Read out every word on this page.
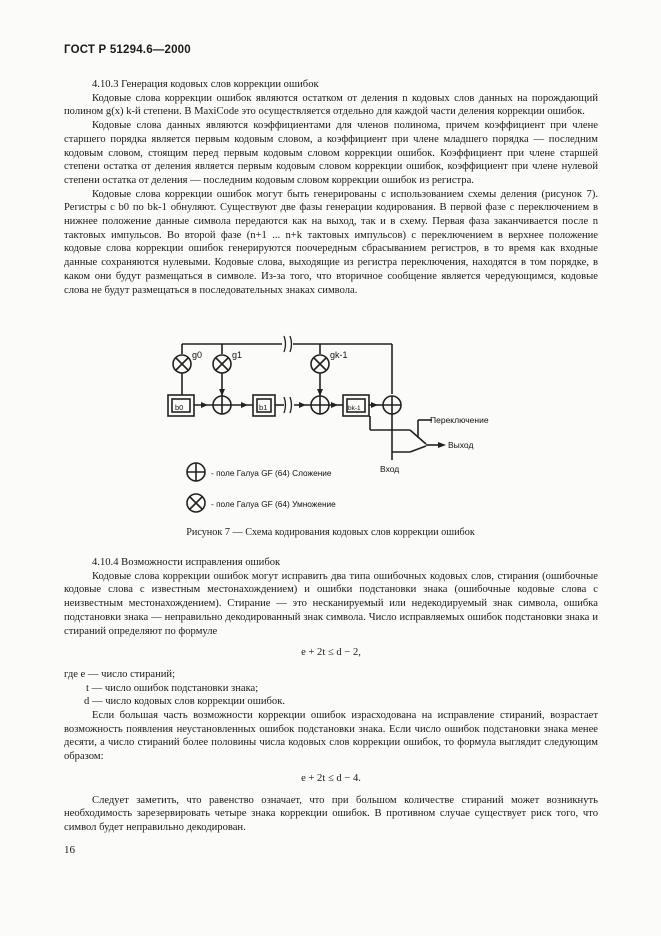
ГОСТ Р 51294.6—2000

4.10.3 Генерация кодовых слов коррекции ошибок

Кодовые слова коррекции ошибок являются остатком от деления n кодовых слов данных на порождающий полином g(x) k-й степени. В MaxiCode это осуществляется отдельно для каждой части деления коррекции ошибок.

Кодовые слова данных являются коэффициентами для членов полинома, причем коэффициент при члене старшего порядка является первым кодовым словом, а коэффициент при члене младшего порядка — последним кодовым словом, стоящим перед первым кодовым словом коррекции ошибок. Коэффициент при члене старшей степени остатка от деления является первым кодовым словом коррекции ошибок, коэффициент при члене нулевой степени остатка от деления — последним кодовым словом коррекции ошибок из регистра.

Кодовые слова коррекции ошибок могут быть генерированы с использованием схемы деления (рисунок 7). Регистры с b0 по bk-1 обнуляют. Существуют две фазы генерации кодирования. В первой фазе с переключением в нижнее положение данные символа передаются как на выход, так и в схему. Первая фаза заканчивается после n тактовых импульсов. Во второй фазе (n+1 ... n+k тактовых импульсов) с переключением в верхнее положение кодовые слова коррекции ошибок генерируются поочередным сбрасыванием регистров, в то время как входные данные сохраняются нулевыми. Кодовые слова, выходящие из регистра переключения, находятся в том порядке, в каком они будут размещаться в символе. Из-за того, что вторичное сообщение является чередующимся, кодовые слова не будут размещаться в последовательных знаках символа.

g0	g1	gk-1
b0	b1	bk-1
Переключение
Выход
Вход
- поле Галуа GF (64) Сложение
- поле Галуа GF (64) Умножение
Рисунок 7 — Схема кодирования кодовых слов коррекции ошибок

4.10.4 Возможности исправления ошибок

Кодовые слова коррекции ошибок могут исправить два типа ошибочных кодовых слов, стирания (ошибочные кодовые слова с известным местонахождением) и ошибки подстановки знака (ошибочные кодовые слова с неизвестным местонахождением). Стирание — это несканируемый или недекодируемый знак символа, ошибка подстановки знака — неправильно декодированный знак символа. Число исправляемых ошибок подстановки знака и стираний определяют по формуле

e + 2t ≤ d − 2,

где e — число стираний;

t — число ошибок подстановки знака;

d — число кодовых слов коррекции ошибок.

Если большая часть возможности коррекции ошибок израсходована на исправление стираний, возрастает возможность появления неустановленных ошибок подстановки знака. Если число ошибок подстановки знака менее десяти, а число стираний более половины числа кодовых слов коррекции ошибок, то формула выглядит следующим образом:

e + 2t ≤ d − 4.

Следует заметить, что равенство означает, что при большом количестве стираний может возникнуть необходимость зарезервировать четыре знака коррекции ошибок. В противном случае существует риск того, что символ будет неправильно декодирован.

16
